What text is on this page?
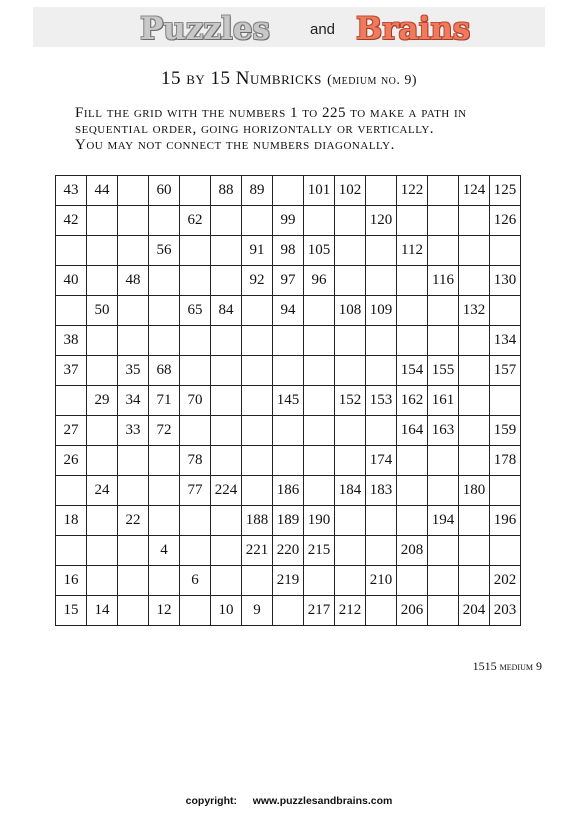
Puzzles	and Brains
15 by 15 Numbricks (medium no. 9)
Fill the grid with the numbers 1 to 225 to make a path in
sequential order, going horizontally or vertically.
You may not connect the numbers diagonally.
43	44		60		88	89		101	102		122		124	125
42				62			99			120				126
			56			91	98	105			112			
40		48				92	97	96				116		130
	50			65	84		94		108	109			132	
38														134
37		35	68								154	155		157
	29	34	71	70			145		152	153	162	161		
27		33	72								164	163		159
26				78						174				178
	24			77	224		186		184	183			180	
18		22				188	189	190				194		196
			4			221	220	215			208			
16				6			219			210				202
15	14		12		10	9		217	212		206		204	203
1515 medium 9
copyright: www.puzzlesandbrains.com
